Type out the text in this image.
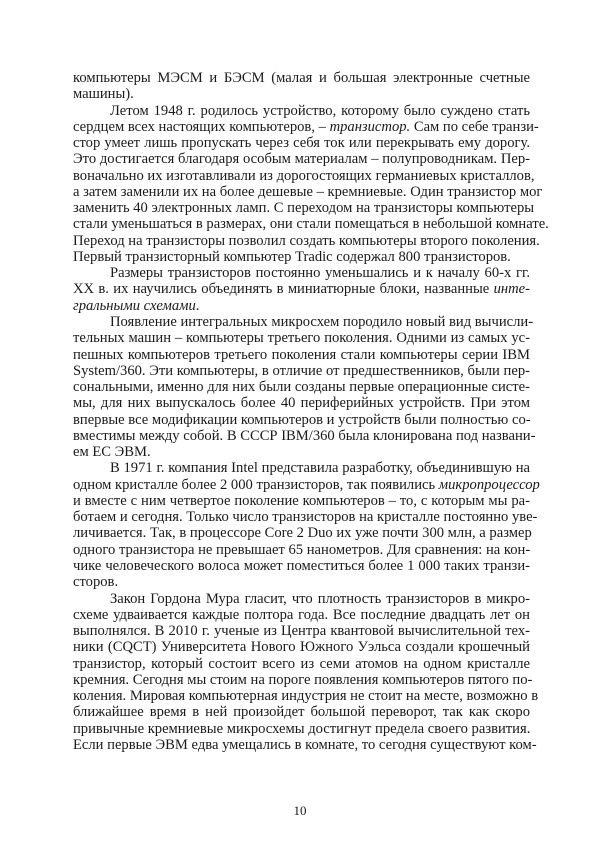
компьютеры МЭСМ и БЭСМ (малая и большая электронные счетные
машины).
Летом 1948 г. родилось устройство, которому было суждено стать
сердцем всех настоящих компьютеров, – транзистор. Сам по себе транзи-
стор умеет лишь пропускать через себя ток или перекрывать ему дорогу.
Это достигается благодаря особым материалам – полупроводникам. Пер-
воначально их изготавливали из дорогостоящих германиевых кристаллов,
а затем заменили их на более дешевые – кремниевые. Один транзистор мог
заменить 40 электронных ламп. С переходом на транзисторы компьютеры
стали уменьшаться в размерах, они стали помещаться в небольшой комнате.
Переход на транзисторы позволил создать компьютеры второго поколения.
Первый транзисторный компьютер Tradic содержал 800 транзисторов.
Размеры транзисторов постоянно уменьшались и к началу 60-х гг.
XX в. их научились объединять в миниатюрные блоки, названные инте-
гральными схемами.
Появление интегральных микросхем породило новый вид вычисли-
тельных машин – компьютеры третьего поколения. Одними из самых ус-
пешных компьютеров третьего поколения стали компьютеры серии IBM
System/360. Эти компьютеры, в отличие от предшественников, были пер-
сональными, именно для них были созданы первые операционные систе-
мы, для них выпускалось более 40 периферийных устройств. При этом
впервые все модификации компьютеров и устройств были полностью со-
вместимы между собой. В СССР IBM/360 была клонирована под названи-
ем ЕС ЭВМ.
В 1971 г. компания Intel представила разработку, объединившую на
одном кристалле более 2 000 транзисторов, так появились микропроцессор
и вместе с ним четвертое поколение компьютеров – то, с которым мы ра-
ботаем и сегодня. Только число транзисторов на кристалле постоянно уве-
личивается. Так, в процессоре Core 2 Duo их уже почти 300 млн, а размер
одного транзистора не превышает 65 нанометров. Для сравнения: на кон-
чике человеческого волоса может поместиться более 1 000 таких транзи-
сторов.
Закон Гордона Мура гласит, что плотность транзисторов в микро-
схеме удваивается каждые полтора года. Все последние двадцать лет он
выполнялся. В 2010 г. ученые из Центра квантовой вычислительной тех-
ники (CQCT) Университета Нового Южного Уэльса создали крошечный
транзистор, который состоит всего из семи атомов на одном кристалле
кремния. Сегодня мы стоим на пороге появления компьютеров пятого по-
коления. Мировая компьютерная индустрия не стоит на месте, возможно в
ближайшее время в ней произойдет большой переворот, так как скоро
привычные кремниевые микросхемы достигнут предела своего развития.
Если первые ЭВМ едва умещались в комнате, то сегодня существуют ком-
10
